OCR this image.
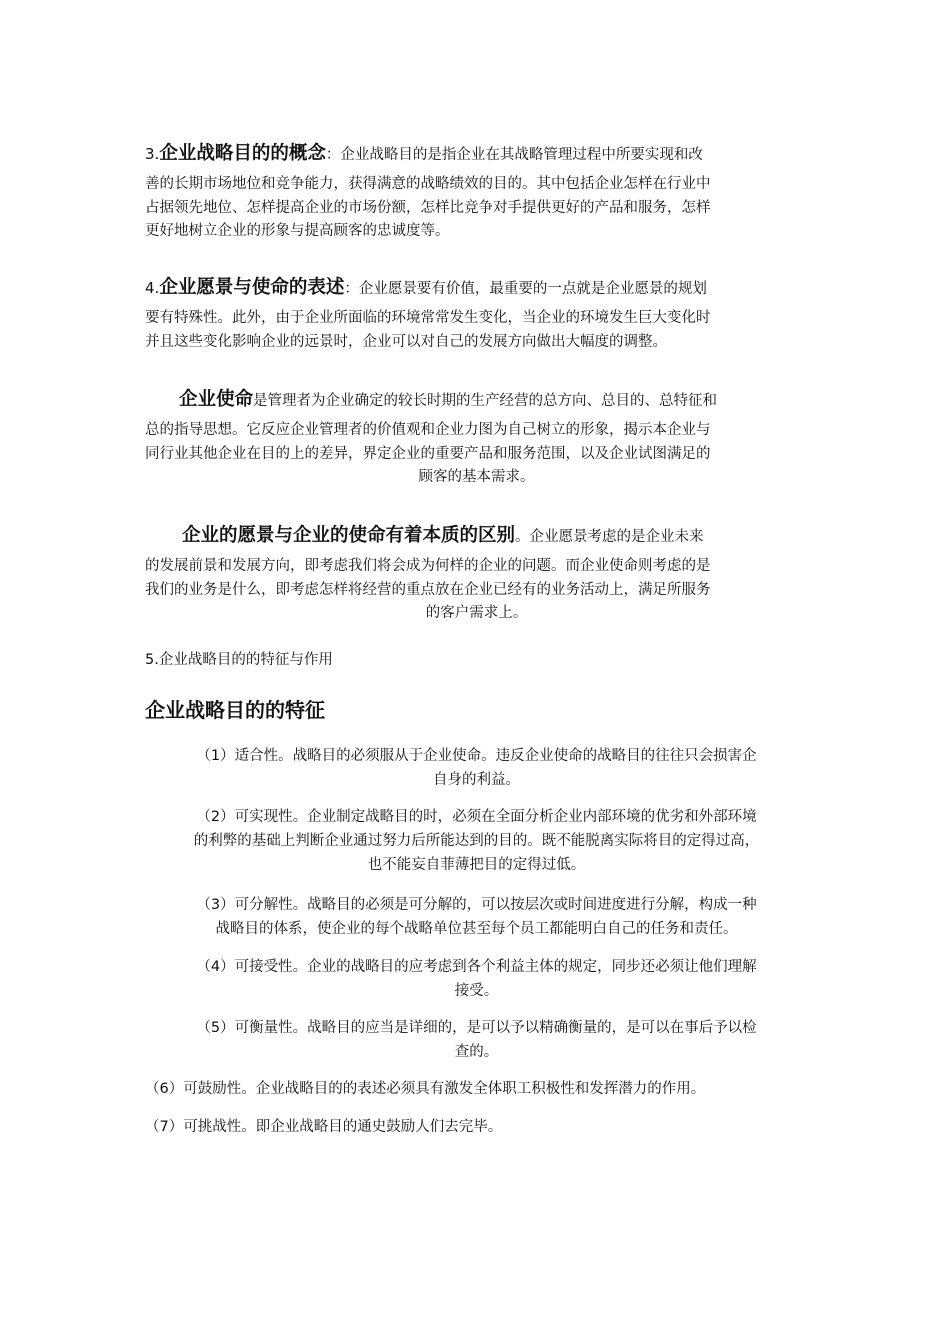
3.企业战略目的的概念：企业战略目的是指企业在其战略管理过程中所要实现和改
善的长期市场地位和竞争能力，获得满意的战略绩效的目的。其中包括企业怎样在行业中
占据领先地位、怎样提高企业的市场份额，怎样比竞争对手提供更好的产品和服务，怎样
更好地树立企业的形象与提高顾客的忠诚度等。
4.企业愿景与使命的表述：企业愿景要有价值，最重要的一点就是企业愿景的规划
要有特殊性。此外，由于企业所面临的环境常常发生变化，当企业的环境发生巨大变化时
并且这些变化影响企业的远景时，企业可以对自己的发展方向做出大幅度的调整。
企业使命是管理者为企业确定的较长时期的生产经营的总方向、总目的、总特征和
总的指导思想。它反应企业管理者的价值观和企业力图为自己树立的形象，揭示本企业与
同行业其他企业在目的上的差异，界定企业的重要产品和服务范围，以及企业试图满足的
顾客的基本需求。
企业的愿景与企业的使命有着本质的区别。企业愿景考虑的是企业未来
的发展前景和发展方向，即考虑我们将会成为何样的企业的问题。而企业使命则考虑的是
我们的业务是什么，即考虑怎样将经营的重点放在企业已经有的业务活动上，满足所服务
的客户需求上。

5.企业战略目的的特征与作用

企业战略目的的特征
（1）适合性。战略目的必须服从于企业使命。违反企业使命的战略目的往往只会损害企
自身的利益。
（2）可实现性。企业制定战略目的时，必须在全面分析企业内部环境的优劣和外部环境
的利弊的基础上判断企业通过努力后所能达到的目的。既不能脱离实际将目的定得过高，
也不能妄自菲薄把目的定得过低。
（3）可分解性。战略目的必须是可分解的，可以按层次或时间进度进行分解，构成一种
战略目的体系，使企业的每个战略单位甚至每个员工都能明白自己的任务和责任。
（4）可接受性。企业的战略目的应考虑到各个利益主体的规定，同步还必须让他们理解
接受。
（5）可衡量性。战略目的应当是详细的，是可以予以精确衡量的，是可以在事后予以检
查的。
（6）可鼓励性。企业战略目的的表述必须具有激发全体职工积极性和发挥潜力的作用。
（7）可挑战性。即企业战略目的通史鼓励人们去完毕。
